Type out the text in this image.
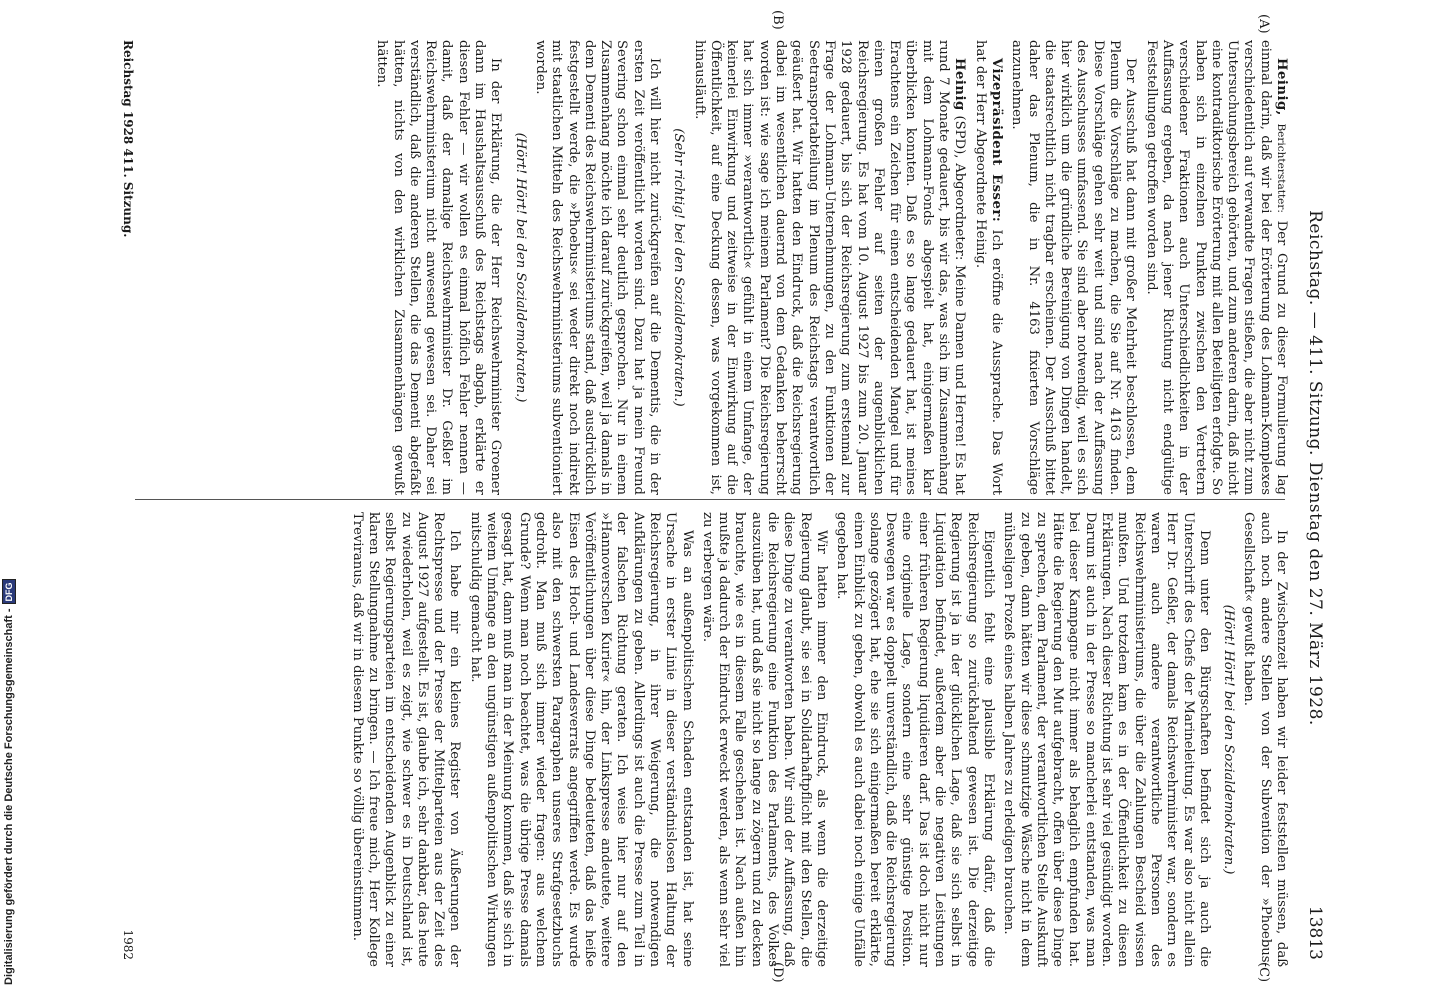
Reichstag. — 411. Sitzung. Dienstag den 27. März 1928.
13813
(A)
(B)
(C)
(D)

Heinig, Berichterstatter: Der Grund zu dieser Formulierung lag einmal darin, daß wir bei der Erörterung des Lohmann-Komplexes verschiedentlich auf verwandte Fragen stießen, die aber nicht zum Untersuchungsbereich gehörten, und zum anderen darin, daß nicht eine kontradiktorische Erörterung mit allen Beteiligten erfolgte. So haben sich in einzelnen Punkten zwischen den Vertretern verschiedener Fraktionen auch Unterschiedlichkeiten in der Auffassung ergeben, da nach jener Richtung nicht endgültige Feststellungen getroffen worden sind.

Der Ausschuß hat dann mit großer Mehrheit beschlossen, dem Plenum die Vorschläge zu machen, die Sie auf Nr. 4163 finden. Diese Vorschläge gehen sehr weit und sind nach der Auffassung des Ausschusses umfassend. Sie sind aber notwendig, weil es sich hier wirklich um die gründliche Bereinigung von Dingen handelt, die staatsrechtlich nicht tragbar erscheinen. Der Ausschuß bittet daher das Plenum, die in Nr. 4163 fixierten Vorschläge anzunehmen.

Vizepräsident Esser: Ich eröffne die Aussprache. Das Wort hat der Herr Abgeordnete Heinig.

Heinig (SPD), Abgeordneter: Meine Damen und Herren! Es hat rund 7 Monate gedauert, bis wir das, was sich im Zusammenhang mit dem Lohmann-Fonds abgespielt hat, einigermaßen klar überblicken konnten. Daß es so lange gedauert hat, ist meines Erachtens ein Zeichen für einen entscheidenden Mangel und für einen großen Fehler auf seiten der augenblicklichen Reichsregierung. Es hat vom 10. August 1927 bis zum 20. Januar 1928 gedauert, bis sich der Reichsregierung zum erstenmal zur Frage der Lohmann-Unternehmungen, zu den Funktionen der Seetransportabteilung im Plenum des Reichstags verantwortlich geäußert hat. Wir hatten den Eindruck, daß die Reichsregierung dabei im wesentlichen dauernd von dem Gedanken beherrscht worden ist: wie sage ich meinem Parlament? Die Reichsregierung hat sich immer »verantwortlich« gefühlt in einem Umfange, der keinerlei Einwirkung und zeitweise in der Einwirkung auf die Öffentlichkeit, auf eine Deckung dessen, was vorgekommen ist, hinausläuft.

(Sehr richtig! bei den Sozialdemokraten.)

Ich will hier nicht zurückgreifen auf die Dementis, die in der ersten Zeit veröffentlicht worden sind. Dazu hat ja mein Freund Severing schon einmal sehr deutlich gesprochen. Nur in einem Zusammenhang möchte ich darauf zurückgreifen, weil ja damals in dem Dementi des Reichswehrministeriums stand, daß ausdrücklich festgestellt werde, die »Phoebus« sei weder direkt noch indirekt mit staatlichen Mitteln des Reichswehrministeriums subventioniert worden.

(Hört! Hört! bei den Sozialdemokraten.)

In der Erklärung, die der Herr Reichswehrminister Groener dann im Haushaltsausschuß des Reichstags abgab, erklärte er diesen Fehler — wir wollen es einmal höflich Fehler nennen — damit, daß der damalige Reichswehrminister Dr. Geßler im Reichswehrministerium nicht anwesend gewesen sei. Daher sei verständlich, daß die anderen Stellen, die das Dementi abgefaßt hätten, nichts von den wirklichen Zusammenhängen gewußt hätten.

In der Zwischenzeit haben wir leider feststellen müssen, daß auch noch andere Stellen von der Subvention der »Phoebus-Gesellschaft« gewußt haben.

(Hört! Hört! bei den Sozialdemokraten.)

Denn unter den Bürgschaften befindet sich ja auch die Unterschrift des Chefs der Marineleitung. Es war also nicht allein Herr Dr. Geßler, der damals Reichswehrminister war, sondern es waren auch andere verantwortliche Personen des Reichswehrministeriums, die über die Zahlungen Bescheid wissen mußten. Und trotzdem kam es in der Öffentlichkeit zu diesen Erklärungen. Nach dieser Richtung ist sehr viel gesündigt worden. Darum ist auch in der Presse so mancherlei entstanden, was man bei dieser Kampagne nicht immer als behaglich empfunden hat. Hätte die Regierung den Mut aufgebracht, offen über diese Dinge zu sprechen, dem Parlament, der verantwortlichen Stelle Auskunft zu geben, dann hätten wir diese schmutzige Wäsche nicht in dem mühseligen Prozeß eines halben Jahres zu erledigen brauchen.

Eigentlich fehlt eine plausible Erklärung dafür, daß die Reichsregierung so zurückhaltend gewesen ist. Die derzeitige Regierung ist ja in der glücklichen Lage, daß sie sich selbst in Liquidation befindet, außerdem aber die negativen Leistungen einer früheren Regierung liquidieren darf. Das ist doch nicht nur eine originelle Lage, sondern eine sehr günstige Position. Deswegen war es doppelt unverständlich, daß die Reichsregierung solange gezögert hat, ehe sie sich einigermaßen bereit erklärte, einen Einblick zu geben, obwohl es auch dabei noch einige Unfälle gegeben hat.

Wir hatten immer den Eindruck, als wenn die derzeitige Regierung glaubt, sie sei in Solidarhaftpflicht mit den Stellen, die diese Dinge zu verantworten haben. Wir sind der Auffassung, daß die Reichsregierung eine Funktion des Parlaments, des Volkes auszuüben hat, und daß sie nicht so lange zu zögern und zu decken brauchte, wie es in diesem Falle geschehen ist. Nach außen hin mußte ja dadurch der Eindruck erweckt werden, als wenn sehr viel zu verbergen wäre.

Was an außenpolitischem Schaden entstanden ist, hat seine Ursache in erster Linie in dieser verständnislosen Haltung der Reichsregierung, in ihrer Weigerung, die notwendigen Aufklärungen zu geben. Allerdings ist auch die Presse zum Teil in der falschen Richtung geraten. Ich weise hier nur auf den »Hannoverschen Kurier« hin, der Linkspresse andeutete, weitere Veröffentlichungen über diese Dinge bedeuteten, daß das heiße Eisen des Hoch- und Landesverrats angegriffen werde. Es wurde also mit den schwersten Paragraphen unseres Strafgesetzbuchs gedroht. Man muß sich immer wieder fragen: aus welchem Grunde? Wenn man noch beachtet, was die übrige Presse damals gesagt hat, dann muß man in der Meinung kommen, daß sie sich in weitem Umfange an den ungünstigen außenpolitischen Wirkungen mitschuldig gemacht hat.

Ich habe mir ein kleines Register von Äußerungen der Rechtspresse und der Presse der Mittelparteien aus der Zeit des August 1927 aufgestellt. Es ist, glaube ich, sehr dankbar, das heute zu wiederholen, weil es zeigt, wie schwer es in Deutschland ist, selbst Regierungsparteien im entscheidenden Augenblick zu einer klaren Stellungnahme zu bringen. — Ich freue mich, Herr Kollege Treviranus, daß wir in diesem Punkte so völlig übereinstimmen.

Reichstag 1928 411. Sitzung.
1982
Digitalisierung gefördert durch die Deutsche Forschungsgemeinschaft -
DFG
